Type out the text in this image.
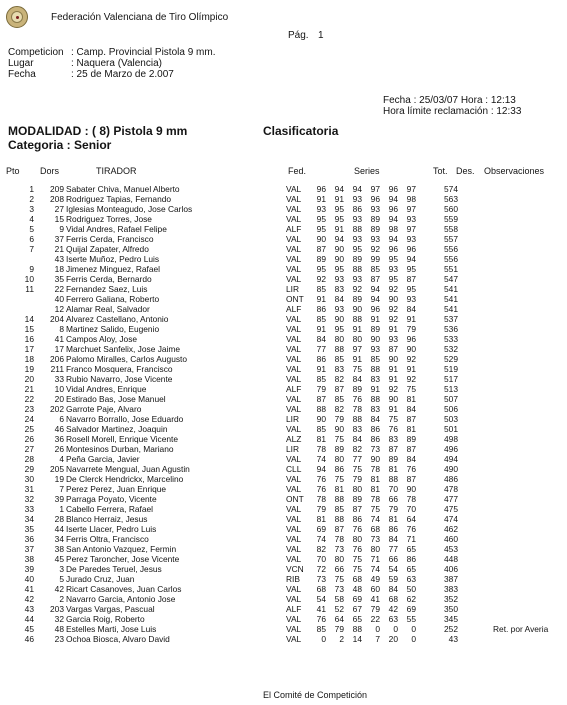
Federación Valenciana de Tiro Olímpico
Pág. 1
Competicion : Camp. Provincial Pistola 9 mm.
Lugar	: Naquera (Valencia)
Fecha	: 25 de Marzo de 2.007
Fecha : 25/03/07 Hora : 12:13
Hora límite reclamación : 12:33
MODALIDAD : ( 8) Pistola 9 mm	Clasificatoria
Categoria : Senior
Pto Dors	TIRADOR	Fed.	Series	Tot. Des. Observaciones
1	209 Sabater Chiva, Manuel Alberto	VAL	96	94	94	97	96	97	574
2	208 Rodriguez Tapias, Fernando	VAL	91	91	93	96	94	98	563
3	27 Iglesias Monteagudo, Jose Carlos	VAL	93	95	86	93	96	97	560
4	15 Rodriguez Torres, Jose	VAL	95	95	93	89	94	93	559
5	9 Vidal Andres, Rafael Felipe	ALF	95	91	88	89	98	97	558
6	37 Ferris Cerda, Francisco	VAL	90	94	93	93	94	93	557
7	21 Quijal Zapater, Alfredo	VAL	87	90	95	92	96	96	556
43 Iserte Muñoz, Pedro Luis	VAL	89	90	89	99	95	94	556
9	18 Jimenez Minguez, Rafael	VAL	95	95	88	85	93	95	551
10	35 Ferris Cerda, Bernardo	VAL	92	93	93	87	95	87	547
11	22 Fernandez Saez, Luis	LIR	85	83	92	94	92	95	541
40 Ferrero Galiana, Roberto	ONT	91	84	89	94	90	93	541
12 Alamar Real, Salvador	ALF	86	93	90	96	92	84	541
14	204 Alvarez Castellano, Antonio	VAL	85	90	88	91	92	91	537
15	8 Martinez Salido, Eugenio	VAL	91	95	91	89	91	79	536
16	41 Campos Aloy, Jose	VAL	84	80	80	90	93	96	533
17	17 Marchuet Sanfelix, Jose Jaime	VAL	77	88	97	93	87	90	532
18	206 Palomo Miralles, Carlos Augusto	VAL	86	85	91	85	90	92	529
19	211 Franco Mosquera, Francisco	VAL	91	83	75	88	91	91	519
20	33 Rubio Navarro, Jose Vicente	VAL	85	82	84	83	91	92	517
21	10 Vidal Andres, Enrique	ALF	79	87	89	91	92	75	513
22	20 Estirado Bas, Jose Manuel	VAL	87	85	76	88	90	81	507
23	202 Garrote Paje, Alvaro	VAL	88	82	78	83	91	84	506
24	6 Navarro Borrallo, Jose Eduardo	LIR	90	79	88	84	75	87	503
25	46 Salvador Martinez, Joaquin	VAL	85	90	83	86	76	81	501
26	36 Rosell Morell, Enrique Vicente	ALZ	81	75	84	86	83	89	498
27	26 Montesinos Durban, Mariano	LIR	78	89	82	73	87	87	496
28	4 Peña Garcia, Javier	VAL	74	80	77	90	89	84	494
29	205 Navarrete Mengual, Juan Agustin	CLL	94	86	75	78	81	76	490
30	19 De Clerck Hendrickx, Marcelino	VAL	76	75	79	81	88	87	486
31	7 Perez Perez, Juan Enrique	VAL	76	81	80	81	70	90	478
32	39 Parraga Poyato, Vicente	ONT	78	88	89	78	66	78	477
33	1 Cabello Ferrera, Rafael	VAL	79	85	87	75	79	70	475
34	28 Blanco Herraiz, Jesus	VAL	81	88	86	74	81	64	474
35	44 Iserte Llacer, Pedro Luis	VAL	69	87	76	68	86	76	462
36	34 Ferris Oltra, Francisco	VAL	74	78	80	73	84	71	460
37	38 San Antonio Vazquez, Fermin	VAL	82	73	76	80	77	65	453
38	45 Perez Taroncher, Jose Vicente	VAL	70	80	75	71	66	86	448
39	3 De Paredes Teruel, Jesus	VCN	72	66	75	74	54	65	406
40	5 Jurado Cruz, Juan	RIB	73	75	68	49	59	63	387
41	42 Ricart Casanoves, Juan Carlos	VAL	68	73	48	60	84	50	383
42	2 Navarro Garcia, Antonio Jose	VAL	54	58	69	41	68	62	352
43	203 Vargas Vargas, Pascual	ALF	41	52	67	79	42	69	350
44	32 Garcia Roig, Roberto	VAL	76	64	65	22	63	55	345
45	48 Estelles Marti, Jose Luis	VAL	85	79	88	0	0	0	252	Ret. por Averia
46	23 Ochoa Biosca, Alvaro David	VAL	0	2	14	7	20	0	43
El Comité de Competición
